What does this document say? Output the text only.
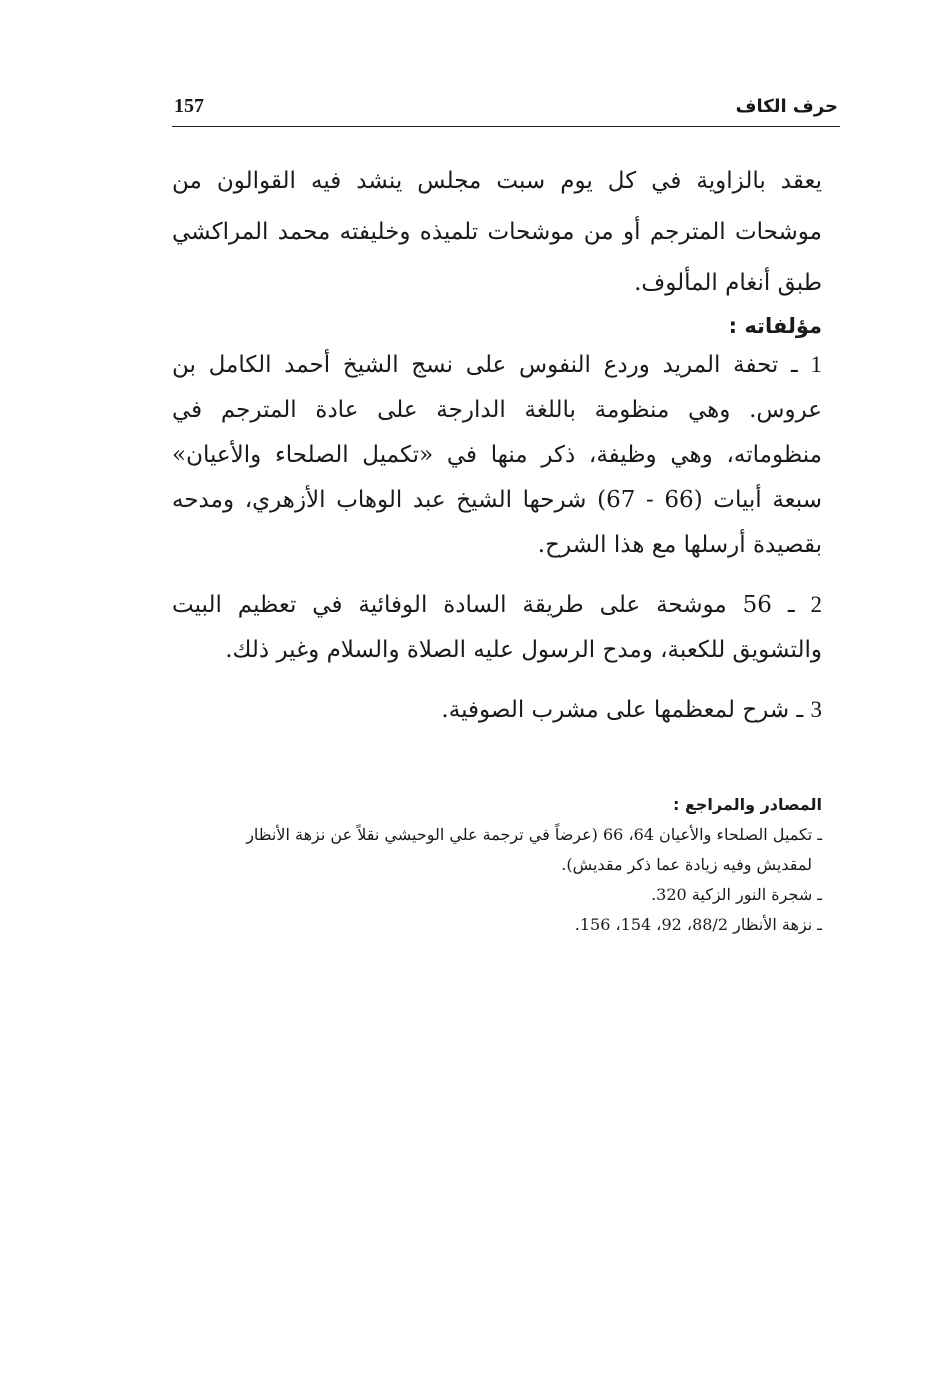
157	حرف الكاف

يعقد بالزاوية في كل يوم سبت مجلس ينشد فيه القوالون من موشحات المترجم أو من موشحات تلميذه وخليفته محمد المراكشي طبق أنغام المألوف.

مؤلفاته :
1 ـ تحفة المريد وردع النفوس على نسج الشيخ أحمد الكامل بن عروس. وهي منظومة باللغة الدارجة على عادة المترجم في منظوماته، وهي وظيفة، ذكر منها في «تكميل الصلحاء والأعيان» سبعة أبيات (66 - 67) شرحها الشيخ عبد الوهاب الأزهري، ومدحه بقصيدة أرسلها مع هذا الشرح.
2 ـ 56 موشحة على طريقة السادة الوفائية في تعظيم البيت والتشويق للكعبة، ومدح الرسول عليه الصلاة والسلام وغير ذلك.
3 ـ شرح لمعظمها على مشرب الصوفية.
المصادر والمراجع :
ـ تكميل الصلحاء والأعيان 64، 66 (عرضاً في ترجمة علي الوحيشي نقلاً عن نزهة الأنظار
لمقديش وفيه زيادة عما ذكر مقديش).
ـ شجرة النور الزكية 320.
ـ نزهة الأنظار 88/2، 92، 154، 156.
